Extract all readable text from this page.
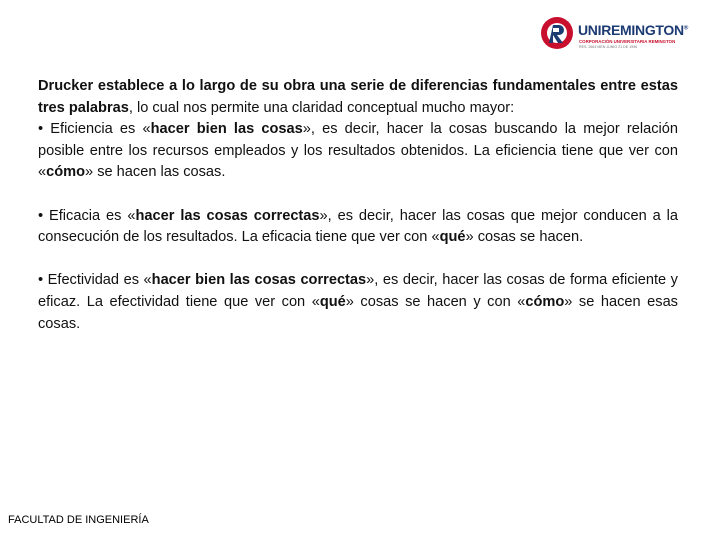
UNIREMINGTON®
CORPORACIÓN UNIVERSITARIA REMINGTON
RES. 2661 MEN JUNIO 21 DE 1996

Drucker establece a lo largo de su obra una serie de diferencias fundamentales entre estas tres palabras, lo cual nos permite una claridad conceptual mucho mayor:

• Eficiencia es «hacer bien las cosas», es decir, hacer la cosas buscando la mejor relación posible entre los recursos empleados y los resultados obtenidos. La eficiencia tiene que ver con «cómo» se hacen las cosas.

• Eficacia es «hacer las cosas correctas», es decir, hacer las cosas que mejor conducen a la consecución de los resultados. La eficacia tiene que ver con «qué» cosas se hacen.

• Efectividad es «hacer bien las cosas correctas», es decir, hacer las cosas de forma eficiente y eficaz. La efectividad tiene que ver con «qué» cosas se hacen y con «cómo» se hacen esas cosas.

FACULTAD DE INGENIERÍA
